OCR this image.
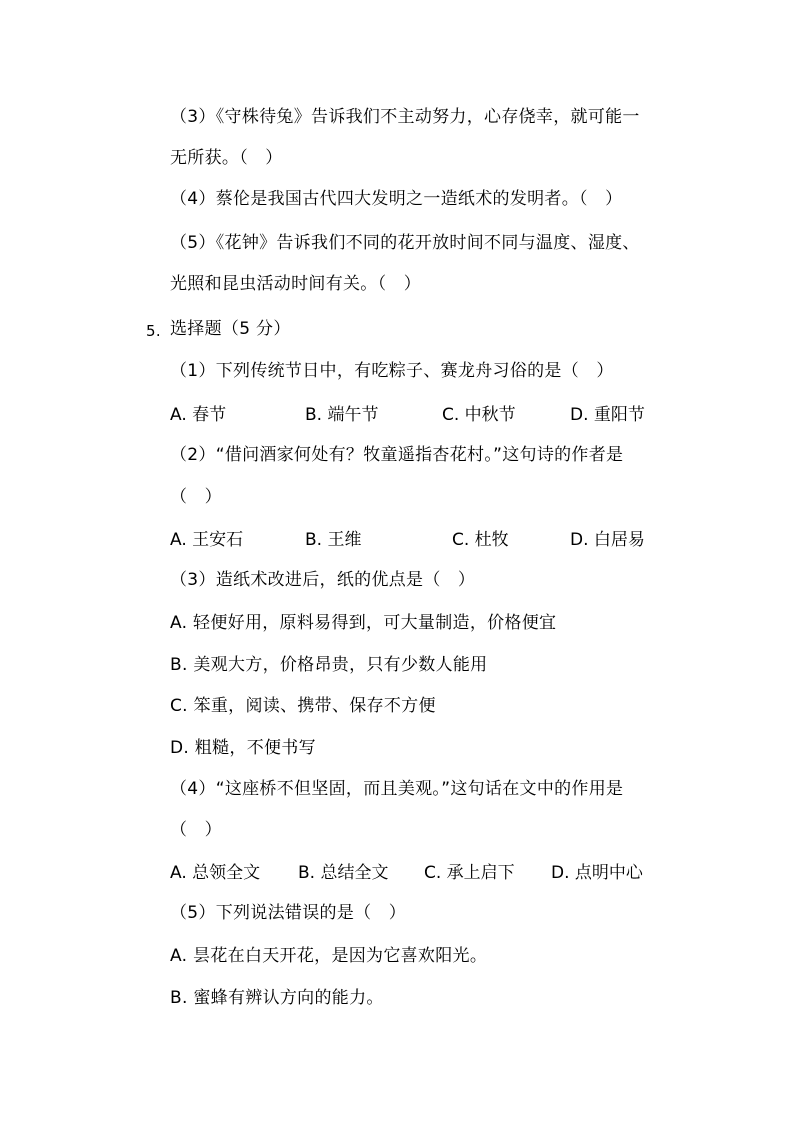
（3）《守株待兔》告诉我们不主动努力，心存侥幸，就可能一
无所获。（　）
（4）蔡伦是我国古代四大发明之一造纸术的发明者。（　）
（5）《花钟》告诉我们不同的花开放时间不同与温度、湿度、
光照和昆虫活动时间有关。（　）
5. 选择题（5 分）
（1）下列传统节日中，有吃粽子、赛龙舟习俗的是（　）
A. 春节	B. 端午节	C. 中秋节	D. 重阳节
（2）“借问酒家何处有？牧童遥指杏花村。”这句诗的作者是
（　）
A. 王安石	B. 王维	C. 杜牧	D. 白居易
（3）造纸术改进后，纸的优点是（　）
A. 轻便好用，原料易得到，可大量制造，价格便宜
B. 美观大方，价格昂贵，只有少数人能用
C. 笨重，阅读、携带、保存不方便
D. 粗糙，不便书写
（4）“这座桥不但坚固，而且美观。”这句话在文中的作用是
（　）
A. 总领全文 B. 总结全文 C. 承上启下 D. 点明中心
（5）下列说法错误的是（　）
A. 昙花在白天开花，是因为它喜欢阳光。
B. 蜜蜂有辨认方向的能力。
